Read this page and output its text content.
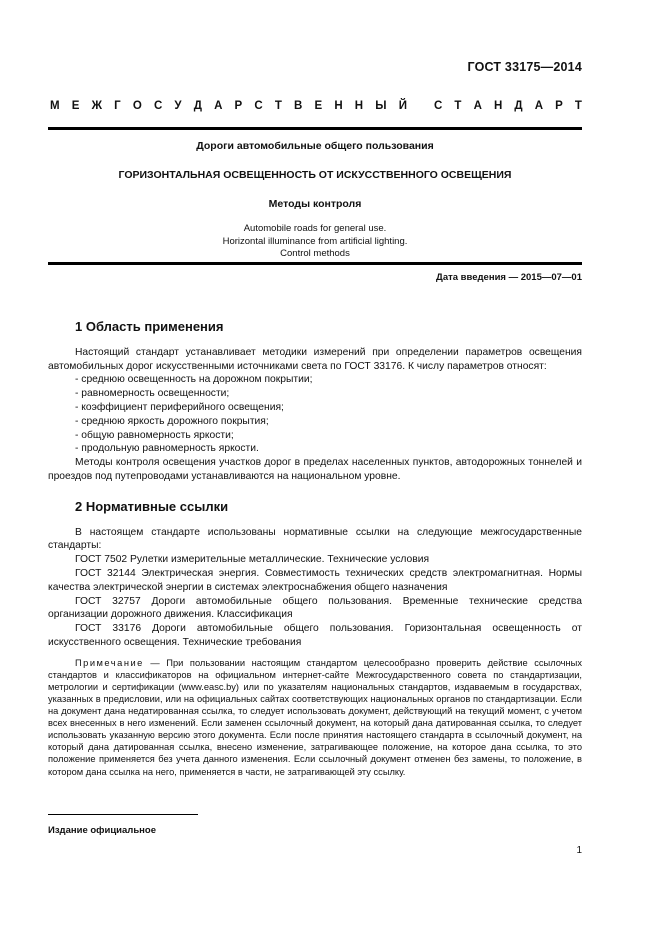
ГОСТ 33175—2014
М Е Ж Г О С У Д А Р С Т В Е Н Н Ы Й С Т А Н Д А Р Т
Дороги автомобильные общего пользования
ГОРИЗОНТАЛЬНАЯ ОСВЕЩЕННОСТЬ ОТ ИСКУССТВЕННОГО ОСВЕЩЕНИЯ
Методы контроля
Automobile roads for general use.
Horizontal illuminance from artificial lighting.
Control methods
Дата введения — 2015—07—01
1 Область применения

Настоящий стандарт устанавливает методики измерений при определении параметров освещения автомобильных дорог искусственными источниками света по ГОСТ 33176. К числу параметров относят:

- среднюю освещенность на дорожном покрытии;

- равномерность освещенности;

- коэффициент периферийного освещения;

- среднюю яркость дорожного покрытия;

- общую равномерность яркости;

- продольную равномерность яркости.

Методы контроля освещения участков дорог в пределах населенных пунктов, автодорожных тоннелей и проездов под путепроводами устанавливаются на национальном уровне.

2 Нормативные ссылки

В настоящем стандарте использованы нормативные ссылки на следующие межгосударственные стандарты:

ГОСТ 7502 Рулетки измерительные металлические. Технические условия

ГОСТ 32144 Электрическая энергия. Совместимость технических средств электромагнитная. Нормы качества электрической энергии в системах электроснабжения общего назначения

ГОСТ 32757 Дороги автомобильные общего пользования. Временные технические средства организации дорожного движения. Классификация

ГОСТ 33176 Дороги автомобильные общего пользования. Горизонтальная освещенность от искусственного освещения. Технические требования

Примечание — При пользовании настоящим стандартом целесообразно проверить действие ссылочных стандартов и классификаторов на официальном интернет-сайте Межгосударственного совета по стандартизации, метрологии и сертификации (www.easc.by) или по указателям национальных стандартов, издаваемым в государствах, указанных в предисловии, или на официальных сайтах соответствующих национальных органов по стандартизации. Если на документ дана недатированная ссылка, то следует использовать документ, действующий на текущий момент, с учетом всех внесенных в него изменений. Если заменен ссылочный документ, на который дана датированная ссылка, то следует использовать указанную версию этого документа. Если после принятия настоящего стандарта в ссылочный документ, на который дана датированная ссылка, внесено изменение, затрагивающее положение, на которое дана ссылка, то это положение применяется без учета данного изменения. Если ссылочный документ отменен без замены, то положение, в котором дана ссылка на него, применяется в части, не затрагивающей эту ссылку.

Издание официальное
1
